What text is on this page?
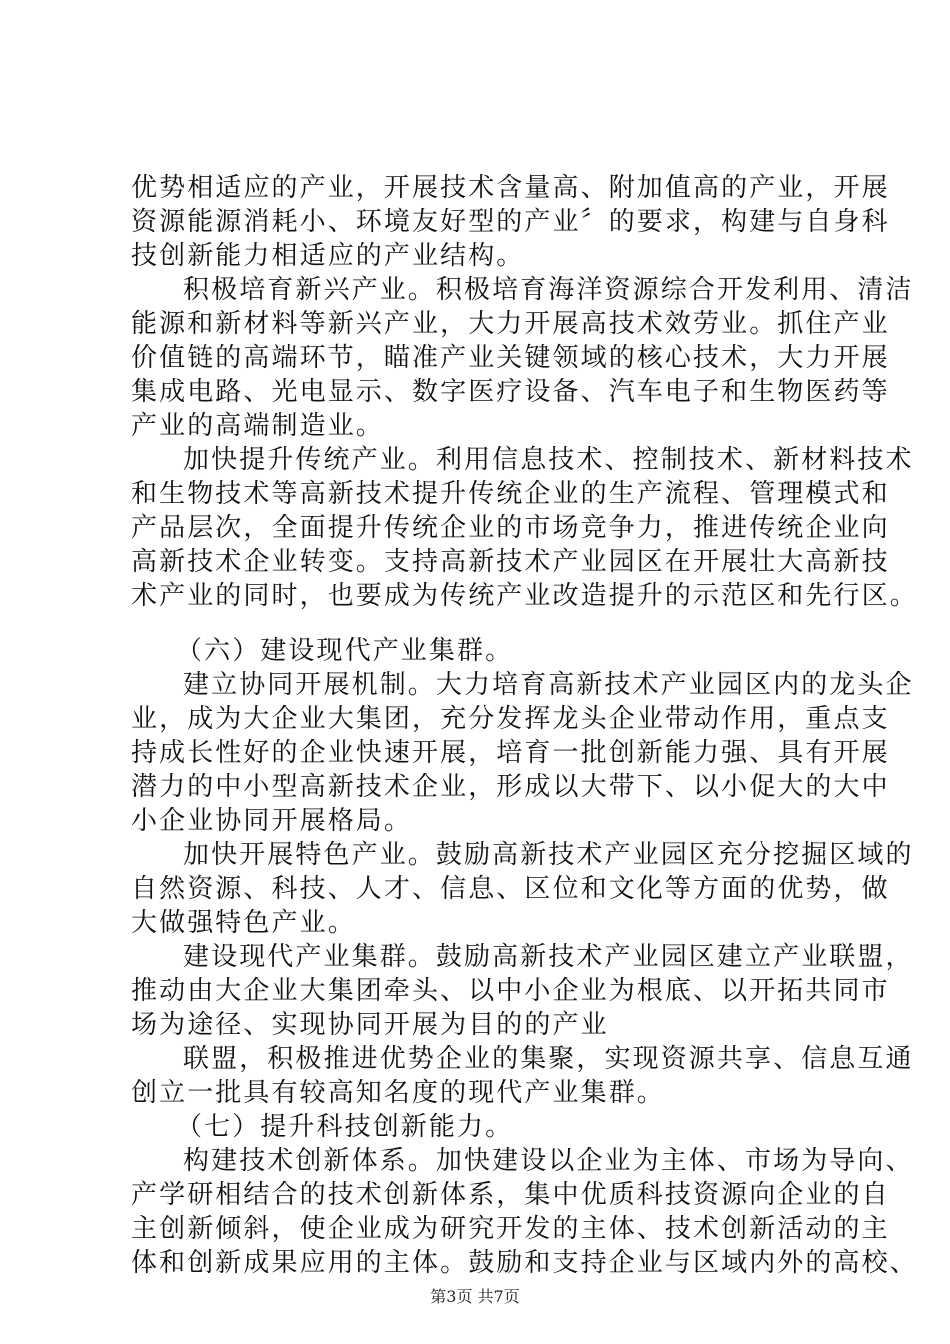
优势相适应的产业，开展技术含量高、附加值高的产业，开展
资源能源消耗小、环境友好型的产业〞的要求，构建与自身科
技创新能力相适应的产业结构。
积极培育新兴产业。积极培育海洋资源综合开发利用、清洁
能源和新材料等新兴产业，大力开展高技术效劳业。抓住产业
价值链的高端环节，瞄准产业关键领域的核心技术，大力开展
集成电路、光电显示、数字医疗设备、汽车电子和生物医药等
产业的高端制造业。
加快提升传统产业。利用信息技术、控制技术、新材料技术
和生物技术等高新技术提升传统企业的生产流程、管理模式和
产品层次，全面提升传统企业的市场竞争力，推进传统企业向
高新技术企业转变。支持高新技术产业园区在开展壮大高新技
术产业的同时，也要成为传统产业改造提升的示范区和先行区。
（六）建设现代产业集群。
建立协同开展机制。大力培育高新技术产业园区内的龙头企
业，成为大企业大集团，充分发挥龙头企业带动作用，重点支
持成长性好的企业快速开展，培育一批创新能力强、具有开展
潜力的中小型高新技术企业，形成以大带下、以小促大的大中
小企业协同开展格局。
加快开展特色产业。鼓励高新技术产业园区充分挖掘区域的
自然资源、科技、人才、信息、区位和文化等方面的优势，做
大做强特色产业。
建设现代产业集群。鼓励高新技术产业园区建立产业联盟，
推动由大企业大集团牵头、以中小企业为根底、以开拓共同市
场为途径、实现协同开展为目的的产业
联盟，积极推进优势企业的集聚，实现资源共享、信息互通
创立一批具有较高知名度的现代产业集群。
（七）提升科技创新能力。
构建技术创新体系。加快建设以企业为主体、市场为导向、
产学研相结合的技术创新体系，集中优质科技资源向企业的自
主创新倾斜，使企业成为研究开发的主体、技术创新活动的主
体和创新成果应用的主体。鼓励和支持企业与区域内外的高校、
第3页 共7页
